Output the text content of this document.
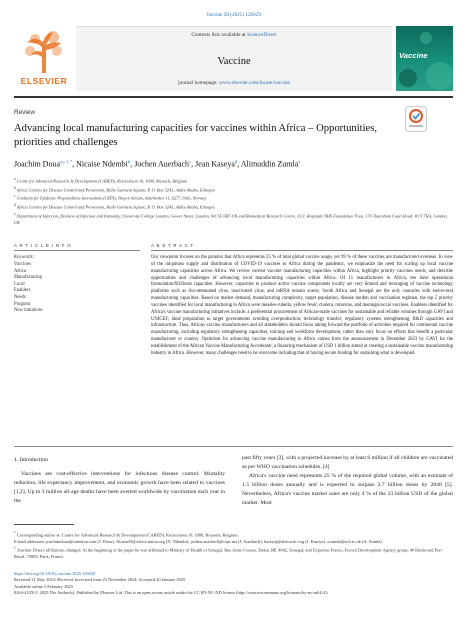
Vaccine 50 (2025) 126029
ELSEVIER
Contents lists available at ScienceDirect
Vaccine
journal homepage: www.elsevier.com/locate/vaccine
Vaccine
Review
Advancing local manufacturing capacities for vaccines within Africa – Opportunities, priorities and challenges
Joachim Doua$^{a,c,1,*}$, Nicaise Ndembi$^b$, Jochen Auerbach$^c$, Jean Kaseya$^d$, Alimuddin Zumla$^e$
$^a$ Centre for Advanced Research & Development (CARED), Keizerslaan 10, 1000, Brussels, Belgium
$^b$ Africa Centres for Disease Control and Prevention, Haile Garment Square, P. O. Box 3243, Addis-Ababa, Ethiopia
$^c$ Coalition for Epidemic Preparedness Innovations (CEPI), Skoyen Atrium, Askekroken 11, 0277, Oslo, Norway
$^d$ Africa Centres for Disease Control and Prevention, Haile Garment Square, P. O. Box 3243, Addis-Ababa, Ethiopia
$^e$ Department of Infection, Division of Infection and Immunity, University College London, Gower Street, London, WC1E 6BT UK and Biomedical Research Centre, UCL Hospitals NHS Foundation Trust, 170 Tottenham Court Road, W1T 7HA, London, UK
A R T I C L E I N F O	A B S T R A C T
Keywords:
Vaccines
Africa
Manufacturing
Local
Enablers
Needs
Program
New initiatives
Our viewpoint focuses on the paradox that Africa represents 25 % of total global vaccine usage, yet 99 % of these vaccines are manufactured overseas. In view of the iniquitous supply and distribution of COVID-19 vaccines to Africa during the pandemic, we emphasize the need for scaling up local vaccine manufacturing capacities across Africa. We review current vaccine manufacturing capacities within Africa, highlight priority vaccines needs, and describe opportunities and challenges of advancing local manufacturing capacities within Africa. Of 11 manufacturers in Africa, ten have operational formulation/fill/finish capacities. However, capacities to produce active vaccine components locally are very limited and leveraging of vaccine technology platforms such as live-attenuated virus, inactivated virus, and mRNA remain scanty. South Africa and Senegal are the only countries with end-to-end manufacturing capacities. Based on market demand, manufacturing complexity, target population, disease burden and vaccination regimen, the top 5 priority vaccines identified for local manufacturing in Africa were measles-rubella, yellow fever, cholera, rotavirus, and meningococcal vaccines. Enablers identified for Africa's vaccine manufacturing initiatives include: a preferential procurement of African-made vaccines for sustainable and reliable volumes through GAVI and UNICEF; ideal preparation to target governments avoiding overproduction; technology transfer; regulatory systems strengthening, R&D capacities and infrastructure. Thus, African vaccine manufacturers and all stakeholders should focus taking forward the portfolio of activities required for continental vaccine manufacturing, including regulatory strengthening capacities, training and workforce development, rather than only focus on efforts that benefit a particular manufacturer or country. Optimism for advancing vaccine manufacturing in Africa comes from the announcement in December 2023 by GAVI for the establishment of the African Vaccine Manufacturing Accelerator, a financing mechanism of USD 1 billion aimed at creating a sustainable vaccine manufacturing industry in Africa. However, many challenges need to be overcome including that of having secure funding for sustaining what is developed.
1. Introduction
Vaccines are cost-effective interventions for infectious disease control. Mortality reduction, life expectancy improvement, and economic growth have been related to vaccines [1,2]. Up to 3 million all-age deaths have been averted worldwide by vaccination each year in the

past fifty years [3], with a projected increase by at least 6 million if all children are vaccinated as per WHO vaccination schedules. [4]

Africa's vaccine need represents 25 % of the required global volume, with an estimate of 1.5 billion doses annually and is expected to surpass 2.7 billion doses by 2040 [5]. Nevertheless, Africa's vaccine market sales are only 4 % of the 33 billion USD of the global market. Most

* Corresponding author at: Centre for Advanced Research & Development (CARED), Keizerslaan 10, 1000, Brussels, Belgium.
E-mail addresses: joachimdoua@caredrsn.com (J. Doua), NicaiseN@africa-union.org (N. Ndembi), jochen.auerbach@cepi.net (J. Auerbach), kaseyaj@africacdc.org (J. Kaseya), a.zumla@ucl.ac.uk (A. Zumla).
$^1$ Joachim Doua's affiliations changed. At the beginning of the paper he was affiliated to Ministry of Health of Senegal, Rue Aime Cesaire, Dakar, BP, 4042, Senegal; and Expertise France, French Development Agency group, 40 Boulevard Port Royal, 75005, Paris, France.
https://doi.org/10.1016/j.vaccine.2025.126029
Received 21 May 2024; Received in revised form 25 November 2024; Accepted 20 January 2025
Available online 5 February 2025
0264-410X/© 2025 The Author(s). Published by Elsevier Ltd. This is an open access article under the CC BY-NC-ND license (http://creativecommons.org/licenses/by-nc-nd/4.0/).
